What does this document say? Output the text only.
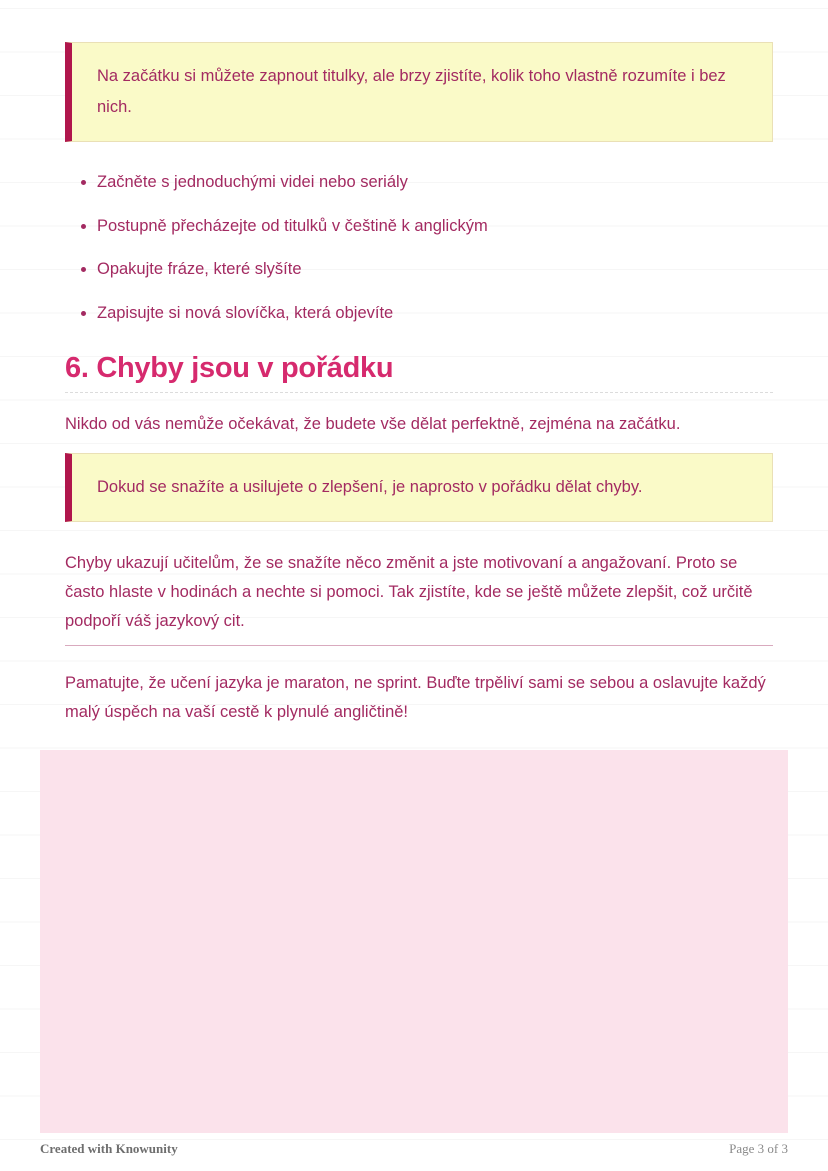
Na začátku si můžete zapnout titulky, ale brzy zjistíte, kolik toho vlastně rozumíte i bez nich.

• Začněte s jednoduchými videi nebo seriály
• Postupně přecházejte od titulků v češtině k anglickým
• Opakujte fráze, které slyšíte
• Zapisujte si nová slovíčka, která objevíte
6. Chyby jsou v pořádku

Nikdo od vás nemůže očekávat, že budete vše dělat perfektně, zejména na začátku.

Dokud se snažíte a usilujete o zlepšení, je naprosto v pořádku dělat chyby.

Chyby ukazují učitelům, že se snažíte něco změnit a jste motivovaní a angažovaní. Proto se často hlaste v hodinách a nechte si pomoci. Tak zjistíte, kde se ještě můžete zlepšit, což určitě podpoří váš jazykový cit.

Pamatujte, že učení jazyka je maraton, ne sprint. Buďte trpěliví sami se sebou a oslavujte každý malý úspěch na vaší cestě k plynulé angličtině!

Created with Knowunity	Page 3 of 3
